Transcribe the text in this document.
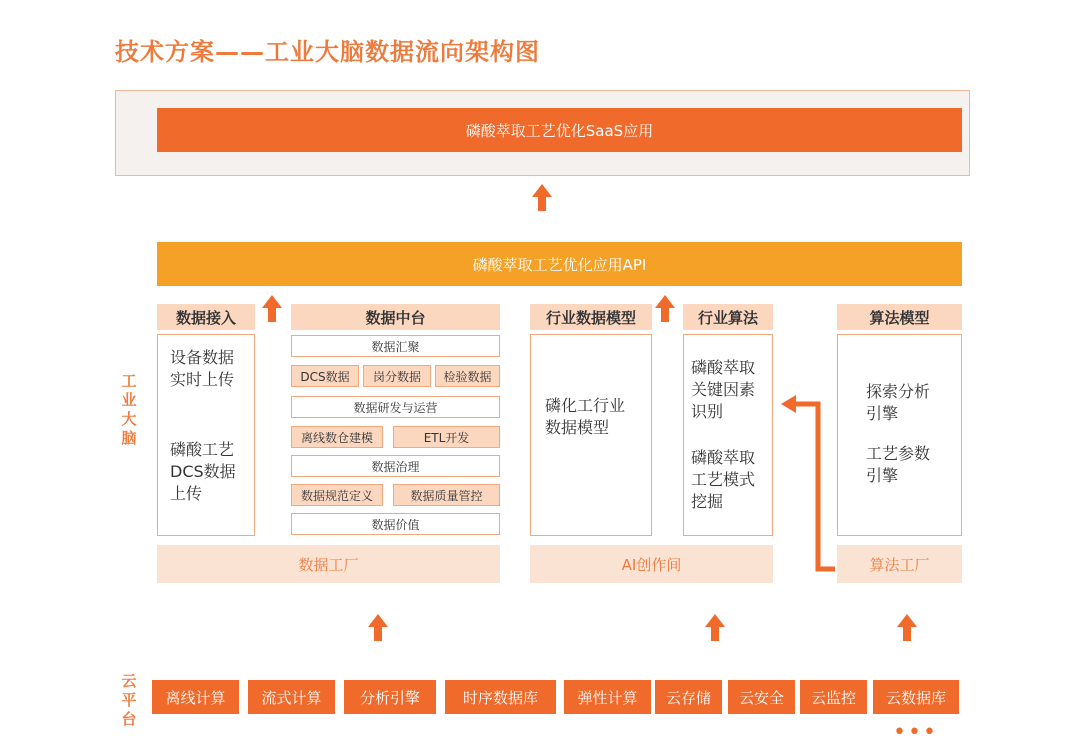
技术方案——工业大脑数据流向架构图
工业大脑
云平台
磷酸萃取工艺优化SaaS应用
磷酸萃取工艺优化应用API
数据接入	数据中台	行业数据模型	行业算法	算法模型
设备数据
实时上传
磷酸工艺
DCS数据
上传
数据汇聚
DCS数据	岗分数据	检验数据
数据研发与运营
离线数仓建模	ETL开发
数据治理
数据规范定义	数据质量管控
数据价值
磷化工行业
数据模型
磷酸萃取
关键因素
识别
磷酸萃取
工艺模式
挖掘
探索分析
引擎
工艺参数
引擎
数据工厂	AI创作间	算法工厂
离线计算	流式计算	分析引擎	时序数据库	弹性计算	云存储	云安全	云监控	云数据库
•••
